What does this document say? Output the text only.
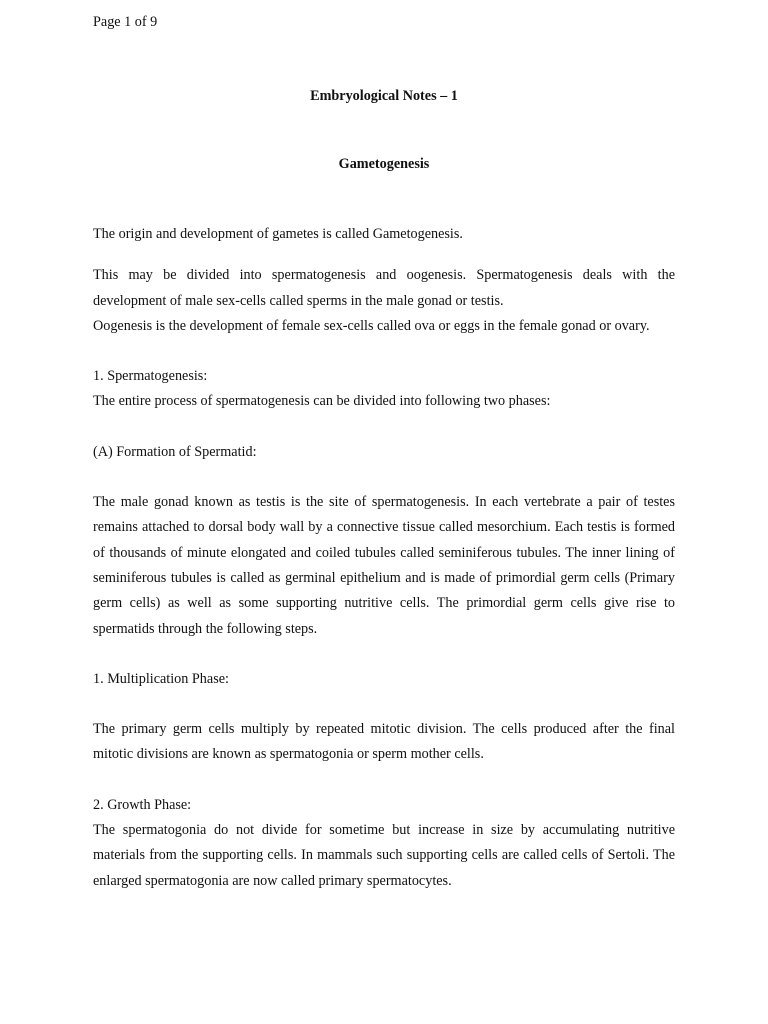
Page 1 of 9
Embryological Notes – 1
Gametogenesis

The origin and development of gametes is called Gametogenesis.

This may be divided into spermatogenesis and oogenesis. Spermatogenesis deals with the development of male sex-cells called sperms in the male gonad or testis.

Oogenesis is the development of female sex-cells called ova or eggs in the female gonad or ovary.

1. Spermatogenesis:

The entire process of spermatogenesis can be divided into following two phases:

(A) Formation of Spermatid:

The male gonad known as testis is the site of spermatogenesis. In each vertebrate a pair of testes remains attached to dorsal body wall by a connective tissue called mesorchium. Each testis is formed of thousands of minute elongated and coiled tubules called seminiferous tubules. The inner lining of seminiferous tubules is called as germinal epithelium and is made of primordial germ cells (Primary germ cells) as well as some supporting nutritive cells. The primordial germ cells give rise to spermatids through the following steps.

1. Multiplication Phase:

The primary germ cells multiply by repeated mitotic division. The cells produced after the final mitotic divisions are known as spermatogonia or sperm mother cells.

2. Growth Phase:

The spermatogonia do not divide for sometime but increase in size by accumulating nutritive materials from the supporting cells. In mammals such supporting cells are called cells of Sertoli. The enlarged spermatogonia are now called primary spermatocytes.
